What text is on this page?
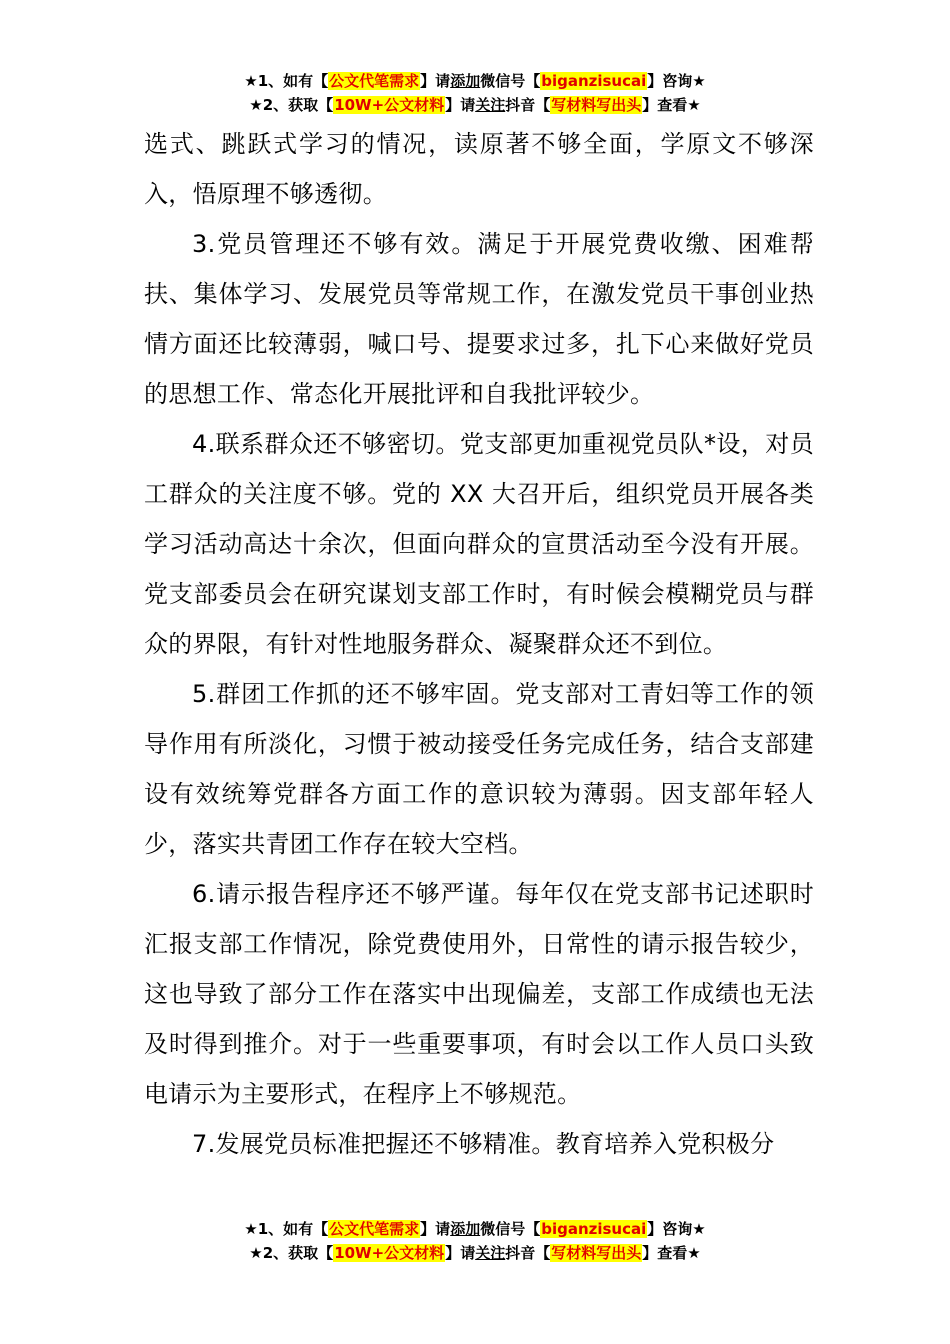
★1、如有【公文代笔需求】请添加微信号【biganzisucai】咨询★
★2、获取【10W+公文材料】请关注抖音【写材料写出头】查看★

选式、跳跃式学习的情况，读原著不够全面，学原文不够深入，悟原理不够透彻。

3.党员管理还不够有效。满足于开展党费收缴、困难帮扶、集体学习、发展党员等常规工作，在激发党员干事创业热情方面还比较薄弱，喊口号、提要求过多，扎下心来做好党员的思想工作、常态化开展批评和自我批评较少。

4.联系群众还不够密切。党支部更加重视党员队*设，对员工群众的关注度不够。党的 XX 大召开后，组织党员开展各类学习活动高达十余次，但面向群众的宣贯活动至今没有开展。党支部委员会在研究谋划支部工作时，有时候会模糊党员与群众的界限，有针对性地服务群众、凝聚群众还不到位。

5.群团工作抓的还不够牢固。党支部对工青妇等工作的领导作用有所淡化，习惯于被动接受任务完成任务，结合支部建设有效统筹党群各方面工作的意识较为薄弱。因支部年轻人少，落实共青团工作存在较大空档。

6.请示报告程序还不够严谨。每年仅在党支部书记述职时汇报支部工作情况，除党费使用外，日常性的请示报告较少，这也导致了部分工作在落实中出现偏差，支部工作成绩也无法及时得到推介。对于一些重要事项，有时会以工作人员口头致电请示为主要形式，在程序上不够规范。

7.发展党员标准把握还不够精准。教育培养入党积极分

★1、如有【公文代笔需求】请添加微信号【biganzisucai】咨询★
★2、获取【10W+公文材料】请关注抖音【写材料写出头】查看★
